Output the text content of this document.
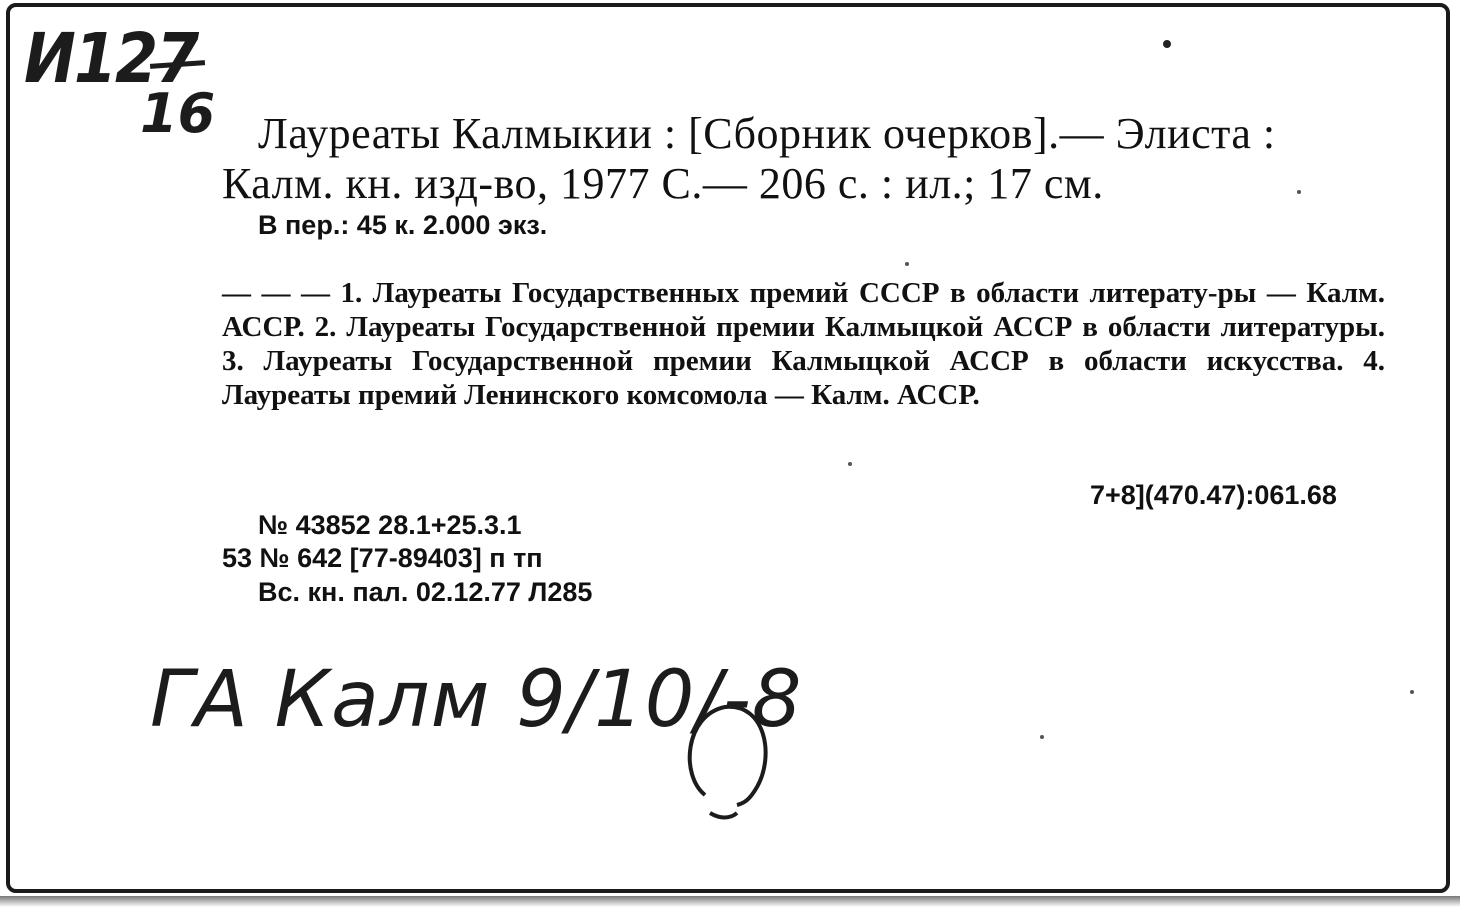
И127
16 Лауреаты Калмыкии : [Сборник очерков].— Элиста :
Калм. кн. изд-во, 1977 С.— 206 с. : ил.; 17 см.
В пер.: 45 к. 2.000 экз.
— — — 1. Лауреаты Государственных премий СССР в области литерату-ры — Калм. АССР. 2. Лауреаты Государственной премии Калмыцкой АССР в области литературы. 3. Лауреаты Государственной премии Калмыцкой АССР в области искусства. 4. Лауреаты премий Ленинского комсомола — Калм. АССР.
7+8](470.47):061.68
№ 43852 28.1+25.3.1
53 № 642 [77-89403] п тп
Вс. кн. пал. 02.12.77 Л285
ГА Калм 9/10/-8
